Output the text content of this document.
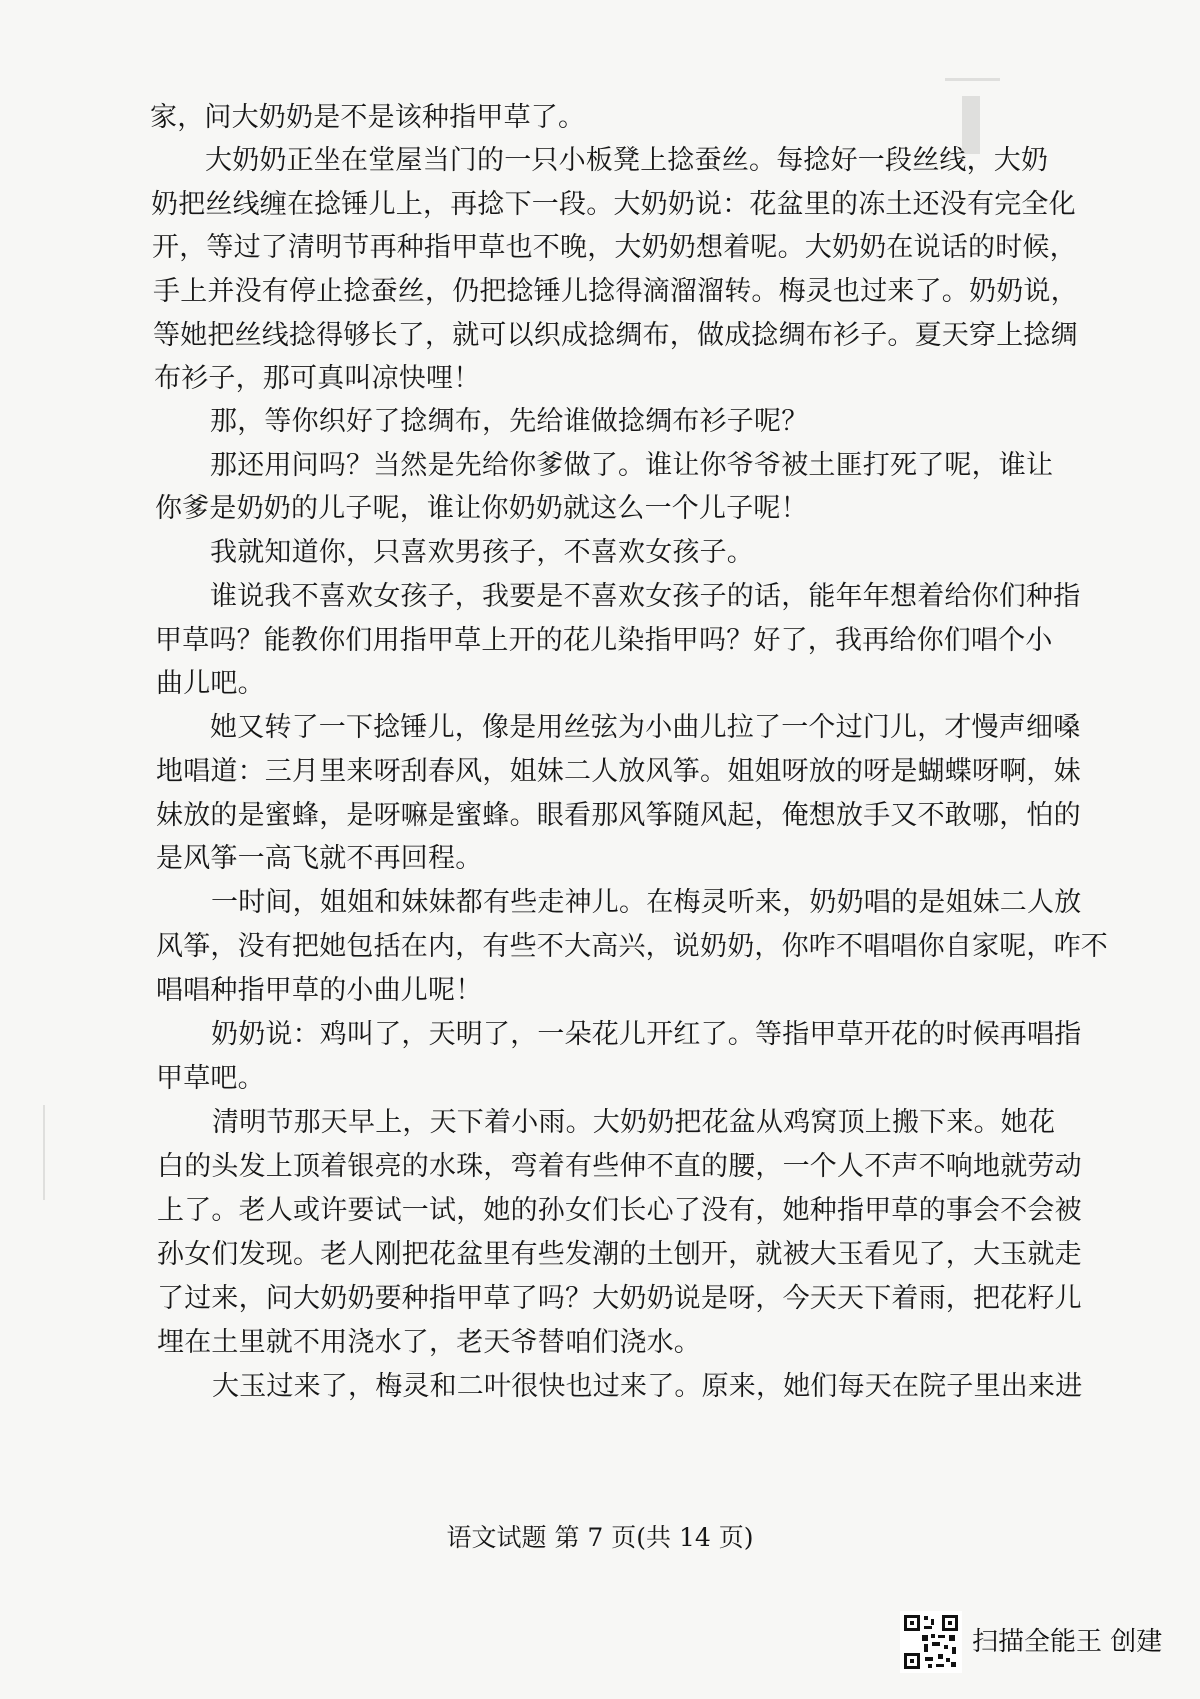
家，问大奶奶是不是该种指甲草了。
大奶奶正坐在堂屋当门的一只小板凳上捻蚕丝。每捻好一段丝线，大奶
奶把丝线缠在捻锤儿上，再捻下一段。大奶奶说：花盆里的冻土还没有完全化
开，等过了清明节再种指甲草也不晚，大奶奶想着呢。大奶奶在说话的时候，
手上并没有停止捻蚕丝，仍把捻锤儿捻得滴溜溜转。梅灵也过来了。奶奶说，
等她把丝线捻得够长了，就可以织成捻绸布，做成捻绸布衫子。夏天穿上捻绸
布衫子，那可真叫凉快哩！
那，等你织好了捻绸布，先给谁做捻绸布衫子呢？
那还用问吗？当然是先给你爹做了。谁让你爷爷被土匪打死了呢，谁让
你爹是奶奶的儿子呢，谁让你奶奶就这么一个儿子呢！
我就知道你，只喜欢男孩子，不喜欢女孩子。
谁说我不喜欢女孩子，我要是不喜欢女孩子的话，能年年想着给你们种指
甲草吗？能教你们用指甲草上开的花儿染指甲吗？好了，我再给你们唱个小
曲儿吧。
她又转了一下捻锤儿，像是用丝弦为小曲儿拉了一个过门儿，才慢声细嗓
地唱道：三月里来呀刮春风，姐妹二人放风筝。姐姐呀放的呀是蝴蝶呀啊，妹
妹放的是蜜蜂，是呀嘛是蜜蜂。眼看那风筝随风起，俺想放手又不敢哪，怕的
是风筝一高飞就不再回程。
一时间，姐姐和妹妹都有些走神儿。在梅灵听来，奶奶唱的是姐妹二人放
风筝，没有把她包括在内，有些不大高兴，说奶奶，你咋不唱唱你自家呢，咋不
唱唱种指甲草的小曲儿呢！
奶奶说：鸡叫了，天明了，一朵花儿开红了。等指甲草开花的时候再唱指
甲草吧。
清明节那天早上，天下着小雨。大奶奶把花盆从鸡窝顶上搬下来。她花
白的头发上顶着银亮的水珠，弯着有些伸不直的腰，一个人不声不响地就劳动
上了。老人或许要试一试，她的孙女们长心了没有，她种指甲草的事会不会被
孙女们发现。老人刚把花盆里有些发潮的土刨开，就被大玉看见了，大玉就走
了过来，问大奶奶要种指甲草了吗？大奶奶说是呀，今天天下着雨，把花籽儿
埋在土里就不用浇水了，老天爷替咱们浇水。
大玉过来了，梅灵和二叶很快也过来了。原来，她们每天在院子里出来进
语文试题 第 7 页(共 14 页)
扫描全能王 创建
